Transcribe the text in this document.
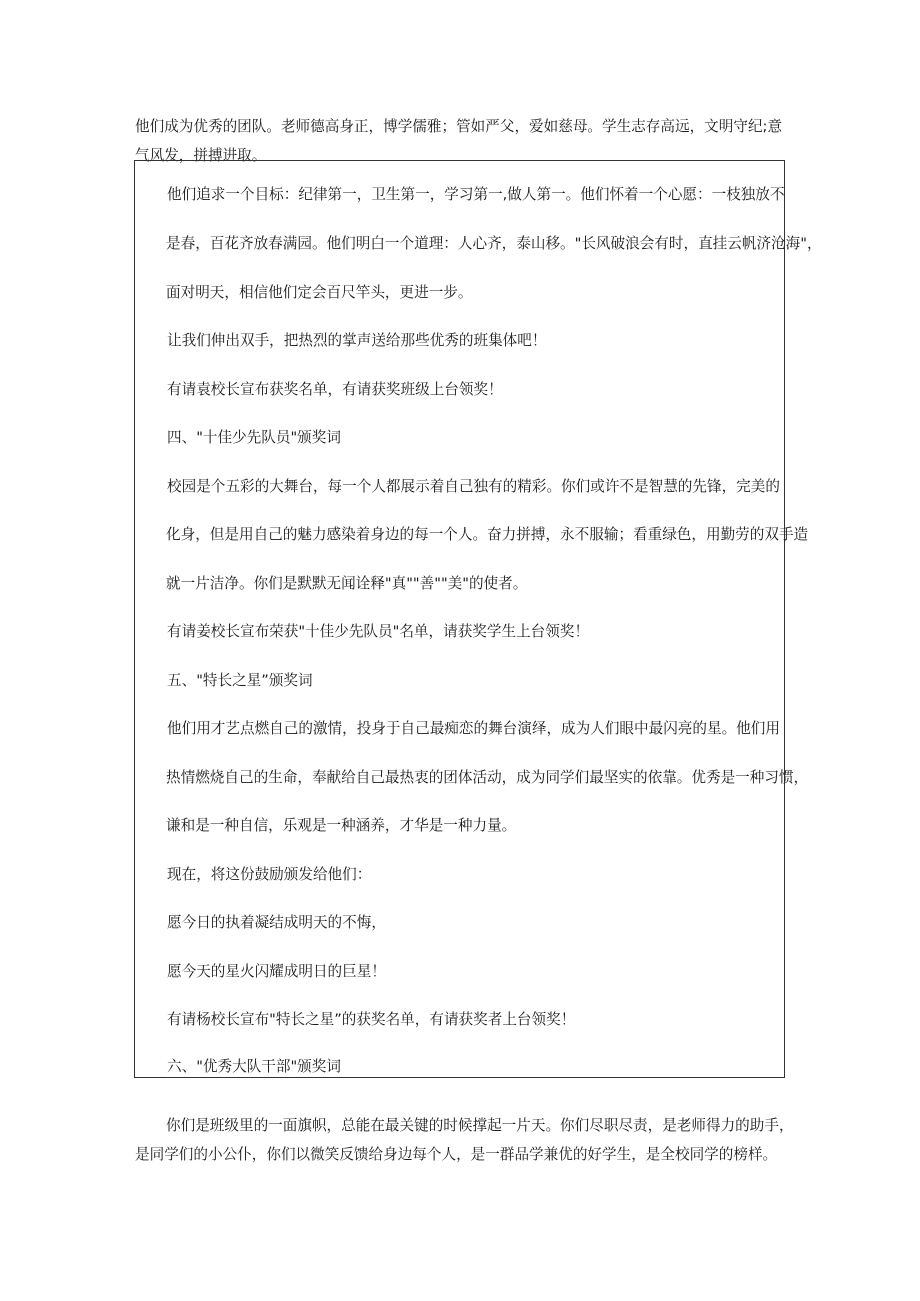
他们成为优秀的团队。老师德高身正，博学儒雅；管如严父，爱如慈母。学生志存高远，文明守纪;意
气风发，拼搏进取。

他们追求一个目标：纪律第一，卫生第一，学习第一,做人第一。他们怀着一个心愿：一枝独放不

是春，百花齐放春满园。他们明白一个道理：人心齐，泰山移。"长风破浪会有时，直挂云帆济沧海"，

面对明天，相信他们定会百尺竿头，更进一步。

让我们伸出双手，把热烈的掌声送给那些优秀的班集体吧！

有请袁校长宣布获奖名单，有请获奖班级上台领奖！

四、"十佳少先队员"颁奖词

校园是个五彩的大舞台，每一个人都展示着自己独有的精彩。你们或许不是智慧的先锋，完美的

化身，但是用自己的魅力感染着身边的每一个人。奋力拼搏，永不服输；看重绿色，用勤劳的双手造

就一片洁净。你们是默默无闻诠释"真""善""美"的使者。

有请姜校长宣布荣获"十佳少先队员"名单，请获奖学生上台领奖！

五、"特长之星”颁奖词

他们用才艺点燃自己的激情，投身于自己最痴恋的舞台演绎，成为人们眼中最闪亮的星。他们用

热情燃烧自己的生命，奉献给自己最热衷的团体活动，成为同学们最坚实的依靠。优秀是一种习惯，

谦和是一种自信，乐观是一种涵养，才华是一种力量。

现在，将这份鼓励颁发给他们：

愿今日的执着凝结成明天的不悔，

愿今天的星火闪耀成明日的巨星！

有请杨校长宣布"特长之星”的获奖名单，有请获奖者上台领奖！

六、"优秀大队干部"颁奖词

你们是班级里的一面旗帜，总能在最关键的时候撑起一片天。你们尽职尽责，是老师得力的助手，
是同学们的小公仆，你们以微笑反馈给身边每个人，是一群品学兼优的好学生，是全校同学的榜样。
